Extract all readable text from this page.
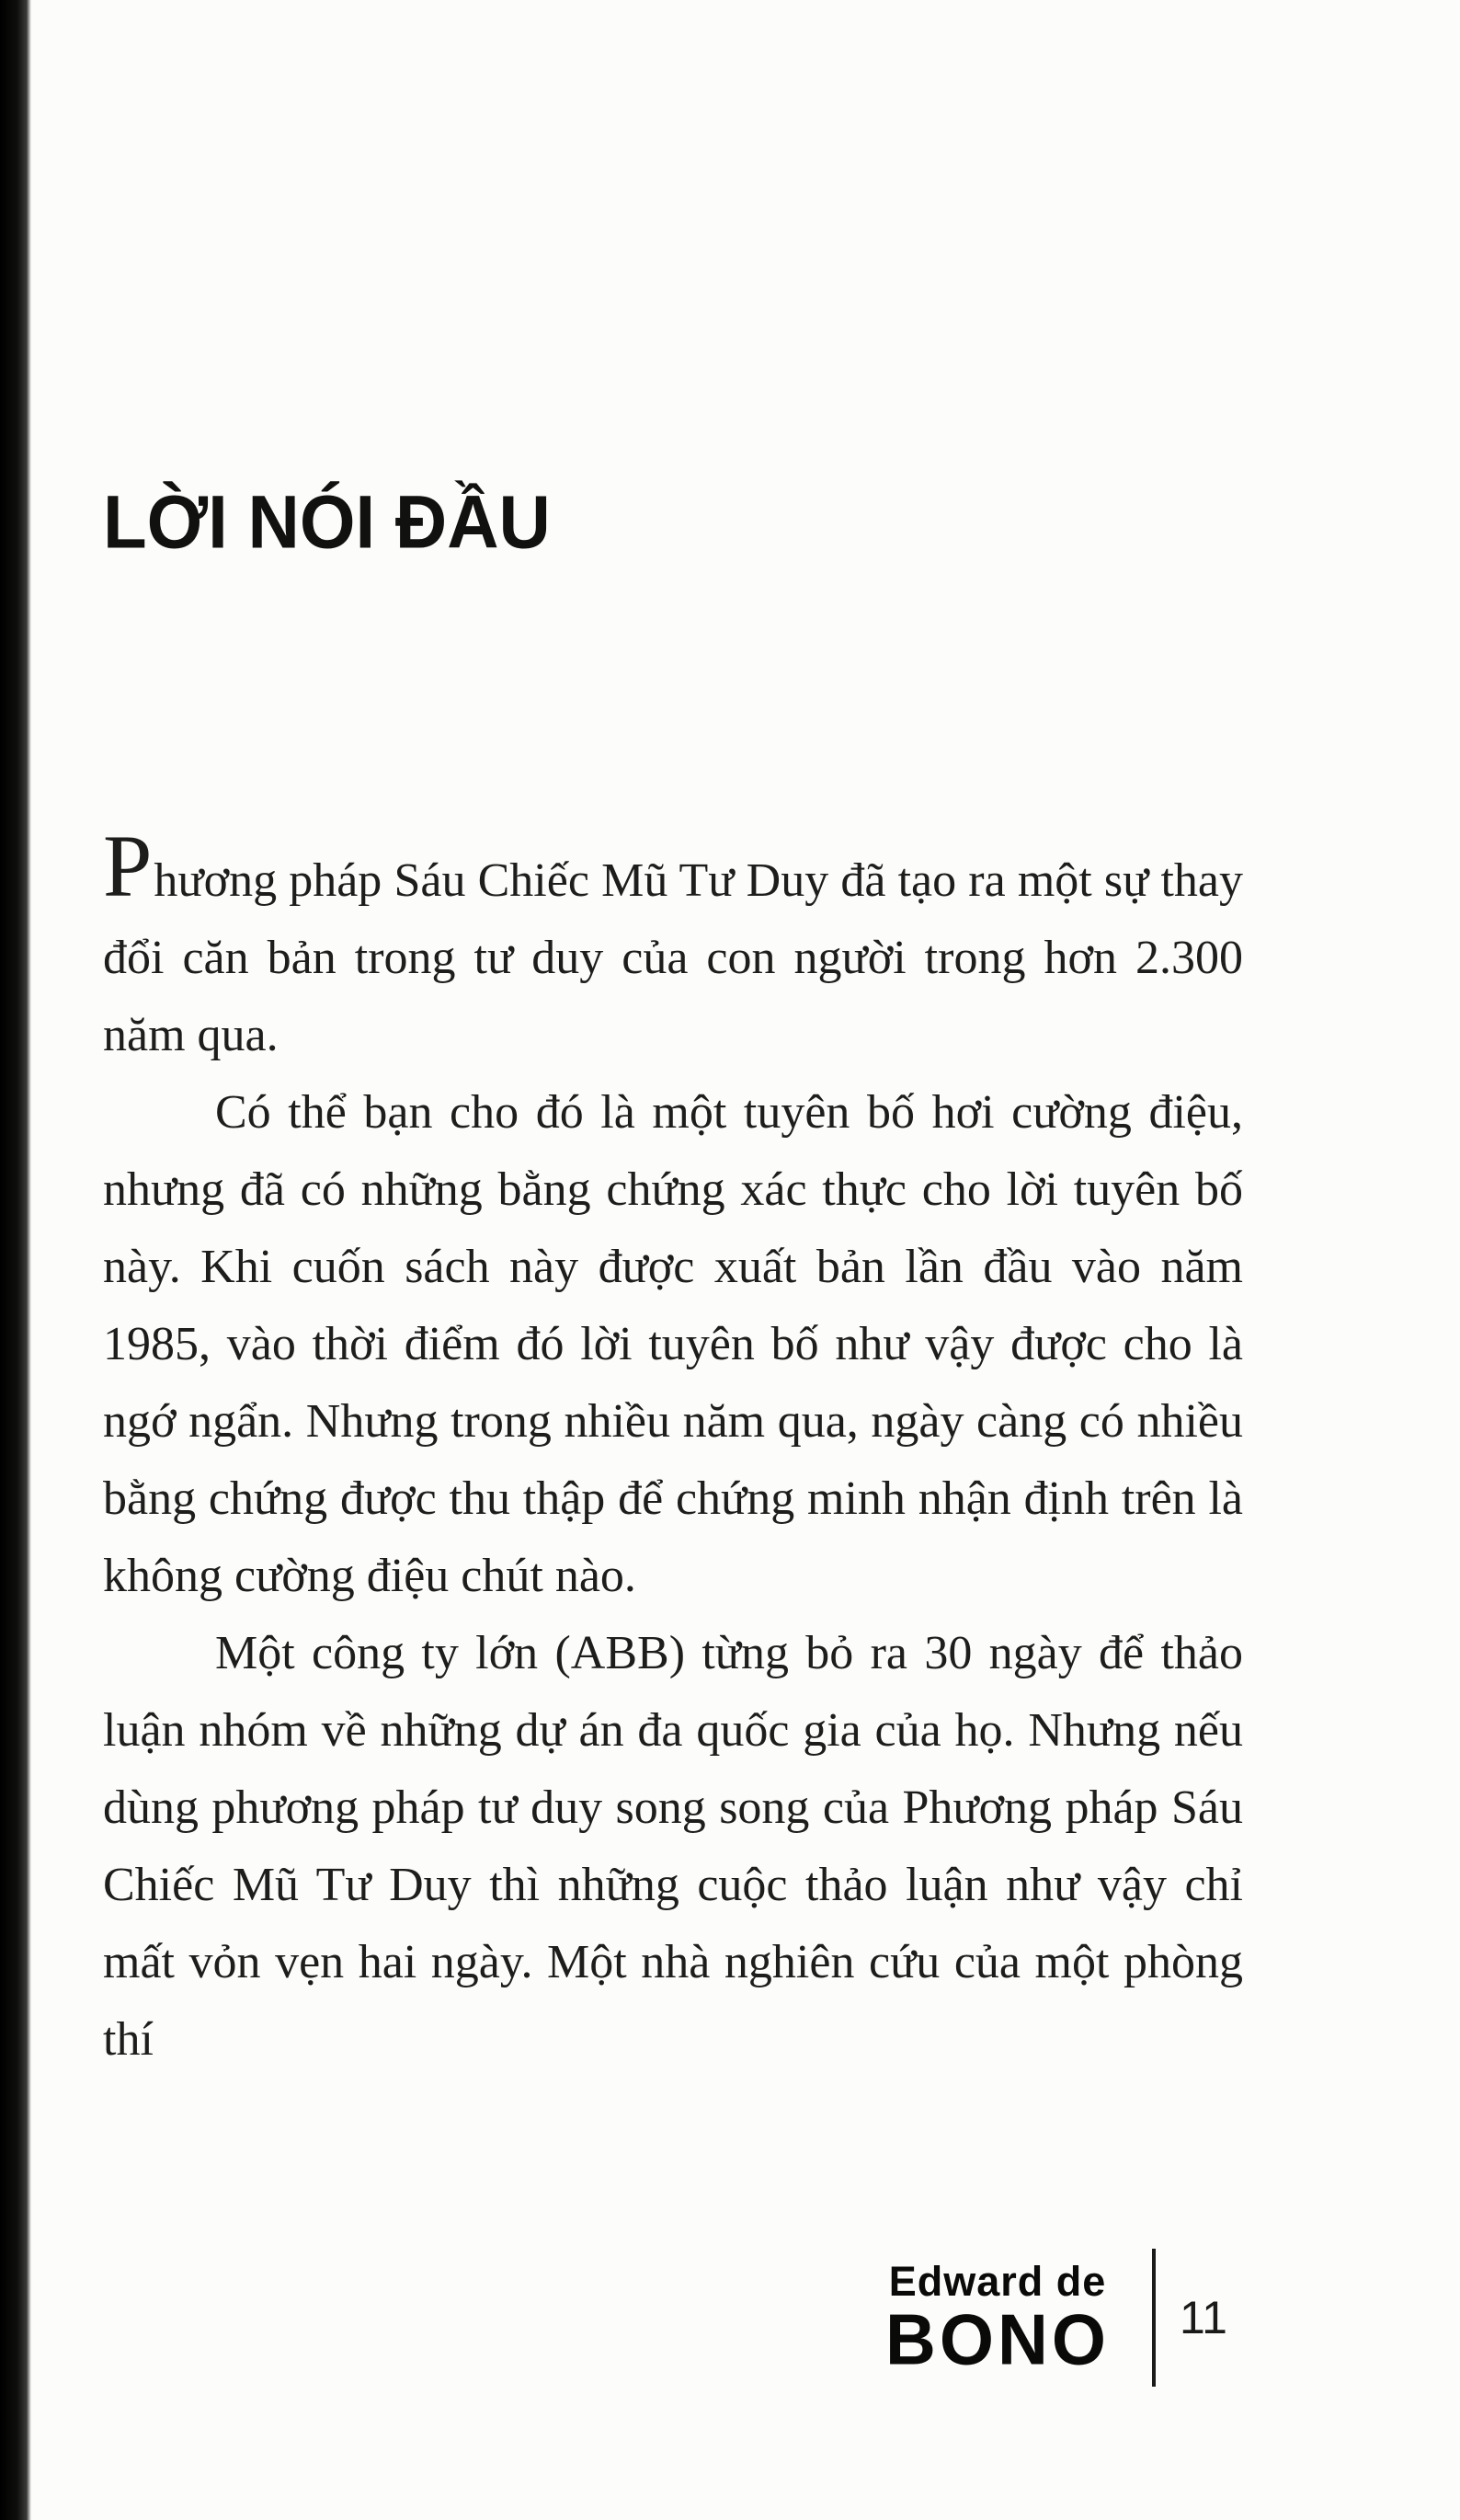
LỜI NÓI ĐẦU

Phương pháp Sáu Chiếc Mũ Tư Duy đã tạo ra một sự thay đổi căn bản trong tư duy của con người trong hơn 2.300 năm qua.

Có thể bạn cho đó là một tuyên bố hơi cường điệu, nhưng đã có những bằng chứng xác thực cho lời tuyên bố này. Khi cuốn sách này được xuất bản lần đầu vào năm 1985, vào thời điểm đó lời tuyên bố như vậy được cho là ngớ ngẩn. Nhưng trong nhiều năm qua, ngày càng có nhiều bằng chứng được thu thập để chứng minh nhận định trên là không cường điệu chút nào.

Một công ty lớn (ABB) từng bỏ ra 30 ngày để thảo luận nhóm về những dự án đa quốc gia của họ. Nhưng nếu dùng phương pháp tư duy song song của Phương pháp Sáu Chiếc Mũ Tư Duy thì những cuộc thảo luận như vậy chỉ mất vỏn vẹn hai ngày. Một nhà nghiên cứu của một phòng thí

Edward de
BONO	11
